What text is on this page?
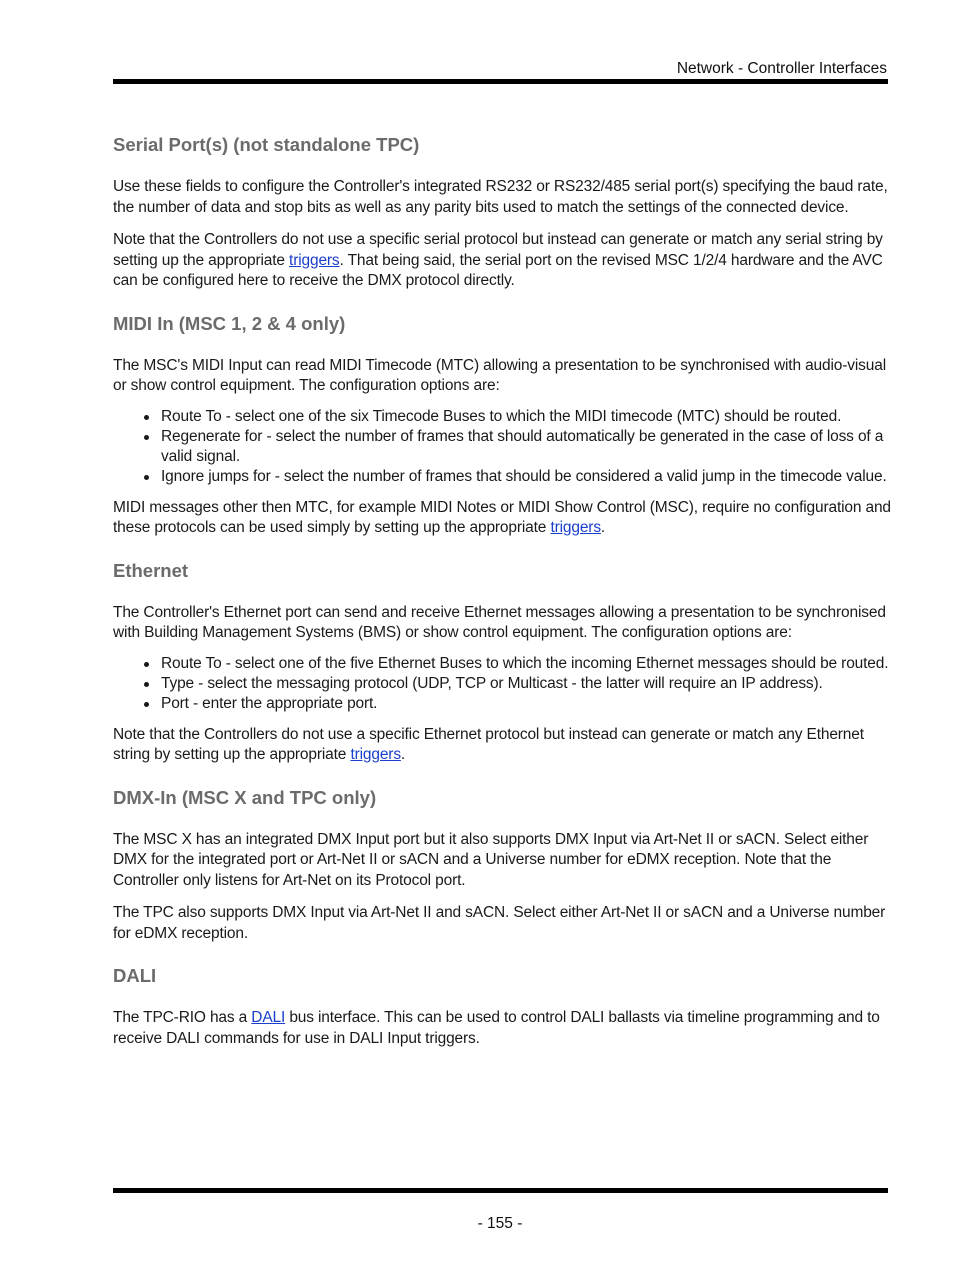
Network - Controller Interfaces
Serial Port(s) (not standalone TPC)

Use these fields to configure the Controller's integrated RS232 or RS232/485 serial port(s) specifying the baud rate, the number of data and stop bits as well as any parity bits used to match the settings of the connected device.

Note that the Controllers do not use a specific serial protocol but instead can generate or match any serial string by setting up the appropriate triggers. That being said, the serial port on the revised MSC 1/2/4 hardware and the AVC can be configured here to receive the DMX protocol directly.

MIDI In (MSC 1, 2 & 4 only)

The MSC's MIDI Input can read MIDI Timecode (MTC) allowing a presentation to be synchronised with audio-visual or show control equipment. The configuration options are:

Route To - select one of the six Timecode Buses to which the MIDI timecode (MTC) should be routed.
Regenerate for - select the number of frames that should automatically be generated in the case of loss of a valid signal.
Ignore jumps for - select the number of frames that should be considered a valid jump in the timecode value.

MIDI messages other then MTC, for example MIDI Notes or MIDI Show Control (MSC), require no configuration and these protocols can be used simply by setting up the appropriate triggers.

Ethernet

The Controller's Ethernet port can send and receive Ethernet messages allowing a presentation to be synchronised with Building Management Systems (BMS) or show control equipment. The configuration options are:

Route To - select one of the five Ethernet Buses to which the incoming Ethernet messages should be routed.
Type - select the messaging protocol (UDP, TCP or Multicast - the latter will require an IP address).
Port - enter the appropriate port.

Note that the Controllers do not use a specific Ethernet protocol but instead can generate or match any Ethernet string by setting up the appropriate triggers.

DMX-In (MSC X and TPC only)

The MSC X has an integrated DMX Input port but it also supports DMX Input via Art-Net II or sACN. Select either DMX for the integrated port or Art-Net II or sACN and a Universe number for eDMX reception. Note that the Controller only listens for Art-Net on its Protocol port.

The TPC also supports DMX Input via Art-Net II and sACN. Select either Art-Net II or sACN and a Universe number for eDMX reception.

DALI

The TPC-RIO has a DALI bus interface. This can be used to control DALI ballasts via timeline programming and to receive DALI commands for use in DALI Input triggers.

- 155 -
